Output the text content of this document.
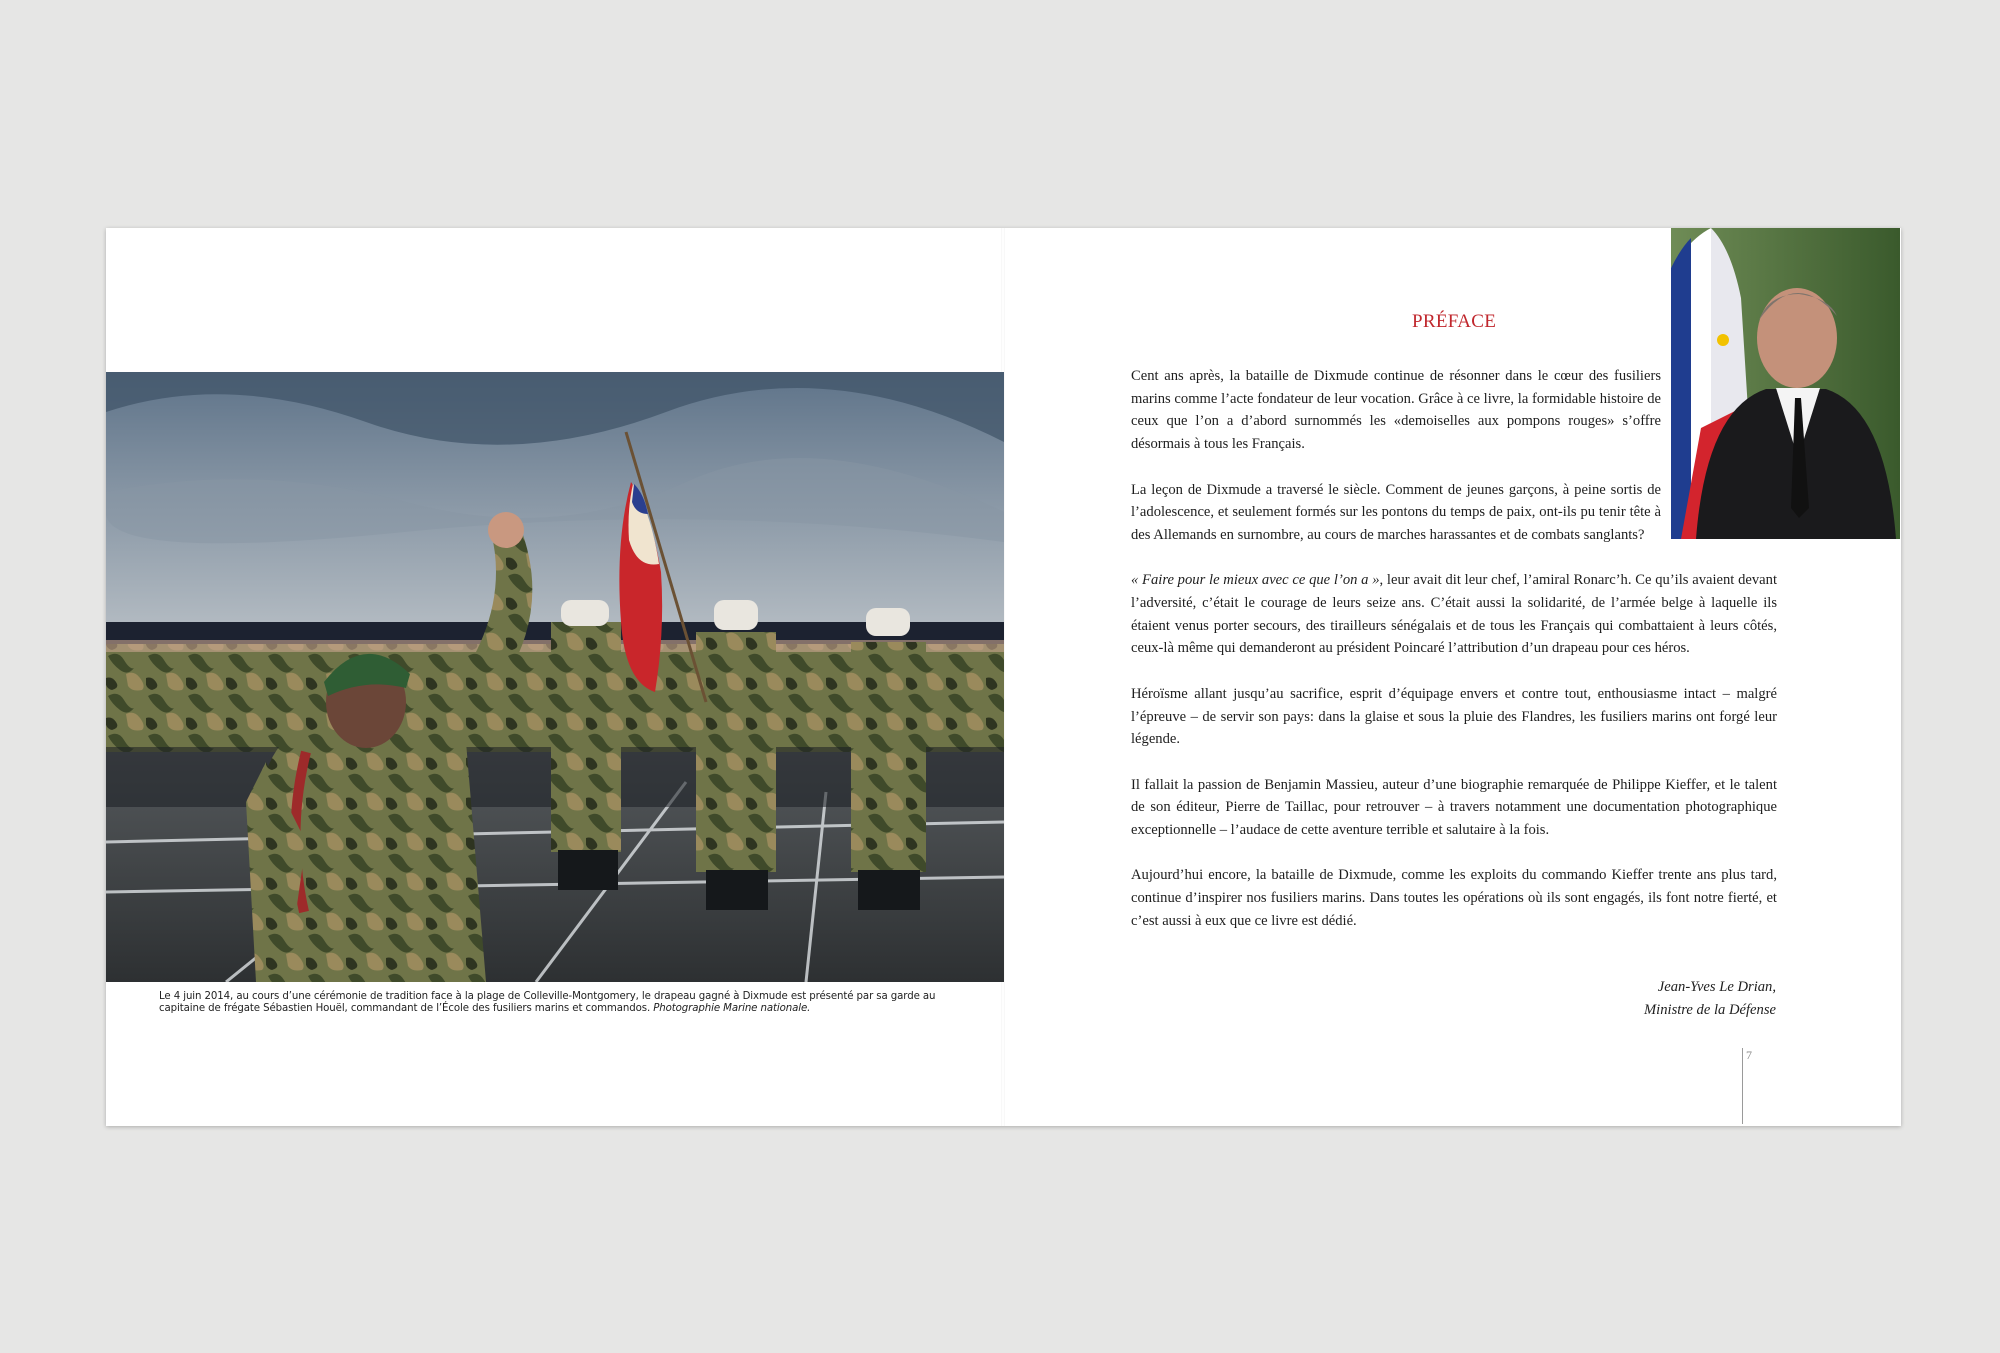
Le 4 juin 2014, au cours d’une cérémonie de tradition face à la plage de Colleville-Montgomery, le drapeau gagné à Dixmude est présenté par sa garde au capitaine de frégate Sébastien Houël, commandant de l’École des fusiliers marins et commandos. Photographie Marine nationale.
PRÉFACE

Cent ans après, la bataille de Dixmude continue de résonner dans le cœur des fusiliers marins comme l’acte fondateur de leur vocation. Grâce à ce livre, la formidable histoire de ceux que l’on a d’abord surnommés les «demoiselles aux pompons rouges» s’offre désormais à tous les Français.

La leçon de Dixmude a traversé le siècle. Comment de jeunes garçons, à peine sortis de l’adolescence, et seulement formés sur les pontons du temps de paix, ont-ils pu tenir tête à des Allemands en surnombre, au cours de marches harassantes et de combats sanglants?

« Faire pour le mieux avec ce que l’on a », leur avait dit leur chef, l’amiral Ronarc’h. Ce qu’ils avaient devant l’adversité, c’était le courage de leurs seize ans. C’était aussi la solidarité, de l’armée belge à laquelle ils étaient venus porter secours, des tirailleurs sénégalais et de tous les Français qui combattaient à leurs côtés, ceux-là même qui demanderont au président Poincaré l’attribution d’un drapeau pour ces héros.

Héroïsme allant jusqu’au sacrifice, esprit d’équipage envers et contre tout, enthousiasme intact – malgré l’épreuve – de servir son pays: dans la glaise et sous la pluie des Flandres, les fusiliers marins ont forgé leur légende.

Il fallait la passion de Benjamin Massieu, auteur d’une biographie remarquée de Philippe Kieffer, et le talent de son éditeur, Pierre de Taillac, pour retrouver – à travers notamment une documentation photographique exceptionnelle – l’audace de cette aventure terrible et salutaire à la fois.

Aujourd’hui encore, la bataille de Dixmude, comme les exploits du commando Kieffer trente ans plus tard, continue d’inspirer nos fusiliers marins. Dans toutes les opérations où ils sont engagés, ils font notre fierté, et c’est aussi à eux que ce livre est dédié.

Jean-Yves Le Drian,
Ministre de la Défense
7
